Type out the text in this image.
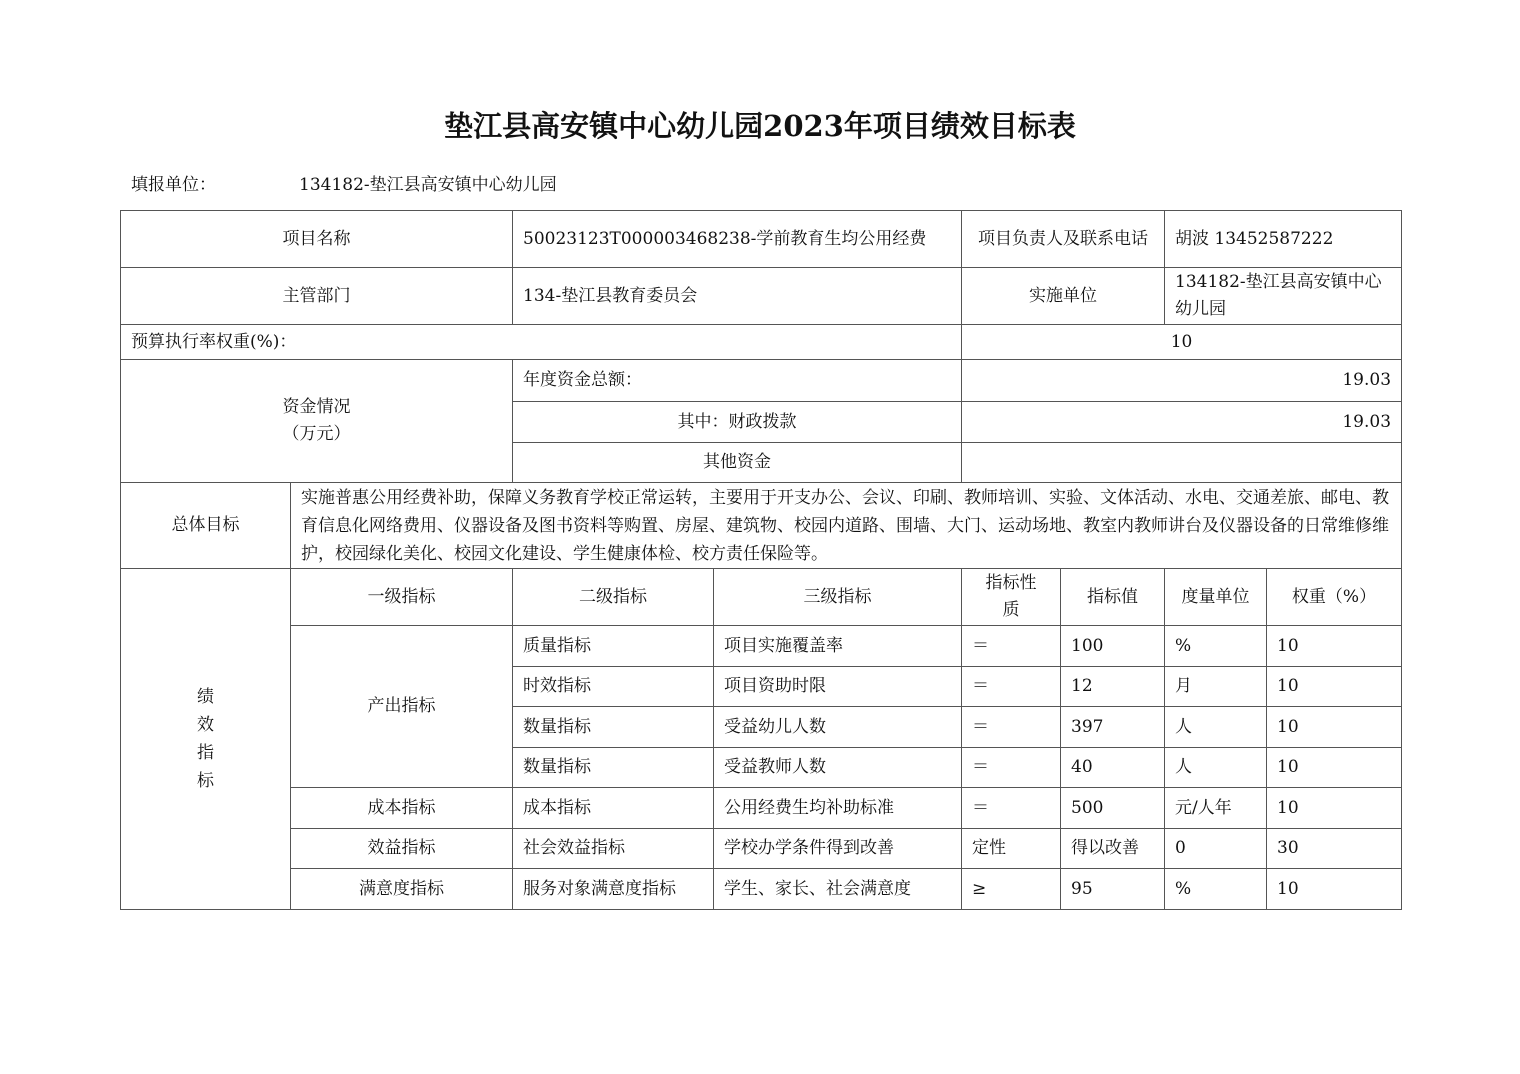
垫江县高安镇中心幼儿园2023年项目绩效目标表
填报单位：	134182-垫江县高安镇中心幼儿园
项目名称		50023123T000003468238-学前教育生均公用经费		项目负责人及联系电话		胡波 13452587222	
主管部门		134-垫江县教育委员会		实施单位		134182-垫江县高安镇中心幼儿园	
预算执行率权重(%)：				10			

资金情况
（万元）		年度资金总额：		19.03			
		其中：财政拨款		19.03			
		其他资金					
总体目标	实施普惠公用经费补助，保障义务教育学校正常运转，主要用于开支办公、会议、印刷、教师培训、实验、文体活动、水电、交通差旅、邮电、教育信息化网络费用、仪器设备及图书资料等购置、房屋、建筑物、校园内道路、围墙、大门、运动场地、教室内教师讲台及仪器设备的日常维修维护，校园绿化美化、校园文化建设、学生健康体检、校方责任保险等。						

绩
效
指
标	一级指标	二级指标	三级指标	指标性质	指标值	度量单位	权重（%）
	产出指标	质量指标	项目实施覆盖率	＝	100	%	10
		时效指标	项目资助时限	＝	12	月	10
		数量指标	受益幼儿人数	＝	397	人	10
		数量指标	受益教师人数	＝	40	人	10
	成本指标	成本指标	公用经费生均补助标准	＝	500	元/人年	10
	效益指标	社会效益指标	学校办学条件得到改善	定性	得以改善	0	30
	满意度指标	服务对象满意度指标	学生、家长、社会满意度	≥	95	%	10
